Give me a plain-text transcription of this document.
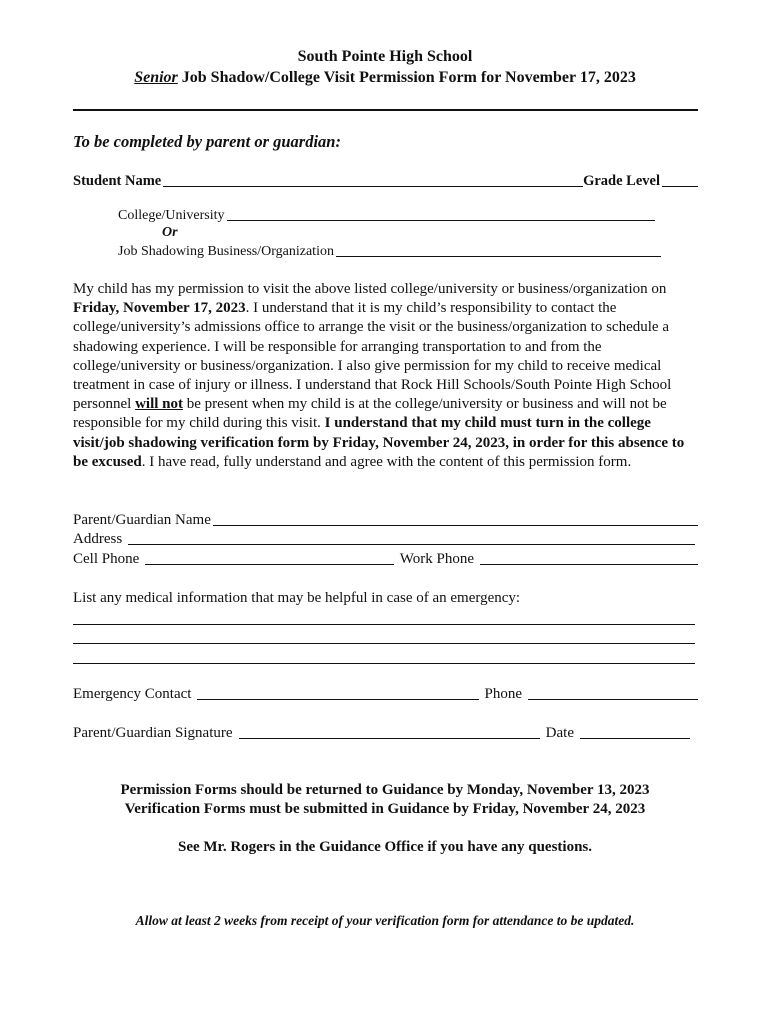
South Pointe High School
Senior Job Shadow/College Visit Permission Form for November 17, 2023
To be completed by parent or guardian:
Student Name	Grade Level
College/University
Or
Job Shadowing Business/Organization
My child has my permission to visit the above listed college/university or business/organization on Friday, November 17, 2023. I understand that it is my child’s responsibility to contact the college/university’s admissions office to arrange the visit or the business/organization to schedule a shadowing experience. I will be responsible for arranging transportation to and from the college/university or business/organization. I also give permission for my child to receive medical treatment in case of injury or illness. I understand that Rock Hill Schools/South Pointe High School personnel will not be present when my child is at the college/university or business and will not be responsible for my child during this visit. I understand that my child must turn in the college visit/job shadowing verification form by Friday, November 24, 2023, in order for this absence to be excused. I have read, fully understand and agree with the content of this permission form.
Parent/Guardian Name
Address
Cell Phone	Work Phone
List any medical information that may be helpful in case of an emergency:
Emergency Contact	Phone
Parent/Guardian Signature	Date
Permission Forms should be returned to Guidance by Monday, November 13, 2023
Verification Forms must be submitted in Guidance by Friday, November 24, 2023
See Mr. Rogers in the Guidance Office if you have any questions.
Allow at least 2 weeks from receipt of your verification form for attendance to be updated.
